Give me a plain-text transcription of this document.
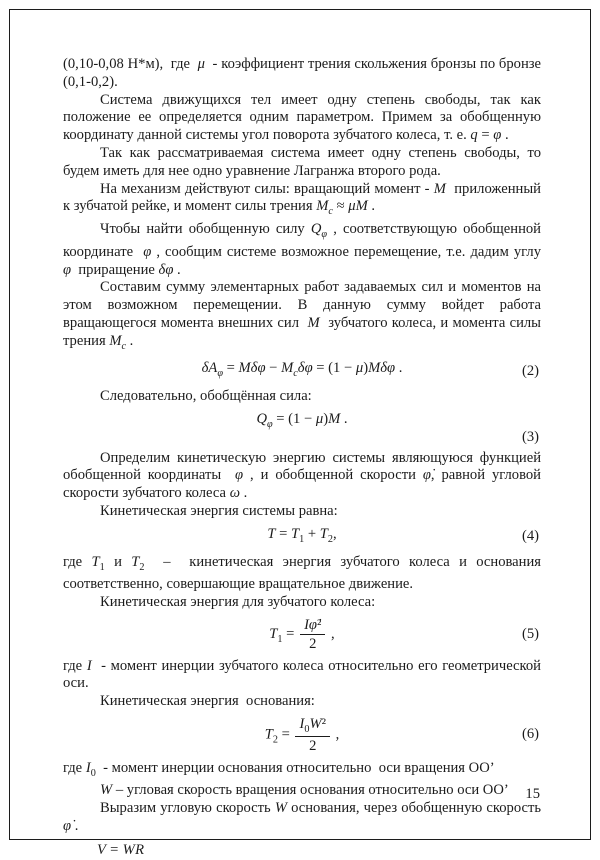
(0,10-0,08 Н*м),  где  μ  - коэффициент трения скольжения бронзы по бронзе (0,1-0,2).

Система движущихся тел имеет одну степень свободы, так как положение ее определяется одним параметром. Примем за обобщенную координату данной системы угол поворота зубчатого колеса, т. е. q = φ .

Так как рассматриваемая система имеет одну степень свободы, то будем иметь для нее одно уравнение Лагранжа второго рода.

На механизм действуют силы: вращающий момент - M  приложенный к зубчатой рейке, и момент силы трения $M_c \approx \mu M$ .

Чтобы найти обобщенную силу $Q_\varphi$ , соответствующую обобщенной координате  φ , сообщим системе возможное перемещение, т.е. дадим углу φ  приращение δφ .

Составим сумму элементарных работ задаваемых сил и моментов на этом возможном перемещении. В данную сумму войдет работа вращающегося момента внешних сил  M  зубчатого колеса, и момента силы трения $M_c$ .

$\delta A_\varphi = M\delta\varphi - M_c\delta\varphi = (1 - \mu)M\delta\varphi$ .	(2)

Следовательно, обобщённая сила:

$Q_\varphi = (1 - \mu)M$ .
(3)

Определим кинетическую энергию системы являющуюся функцией обобщенной координаты  φ , и обобщенной скорости φ̇, равной угловой скорости зубчатого колеса ω .

Кинетическая энергия системы равна:

$T = T_1 + T_2$,	(4)

где $T_1$ и $T_2$  –  кинетическая энергия зубчатого колеса и основания соответственно, совершающие вращательное движение.

Кинетическая энергия для зубчатого колеса:

$T_1 = \frac{\text{Iφ̇²}}{2}$ ,	(5)

где I  - момент инерции зубчатого колеса относительно его геометрической оси.

Кинетическая энергия  основания:

$T_2 = \frac{I_0W^2}{2}$ ,	(6)

где $I_0$  - момент инерции основания относительно  оси вращения ОО’

W – угловая скорость вращения основания относительно оси ОО’

Выразим угловую скорость W основания, через обобщенную скорость φ̇ .

V = WR

15
